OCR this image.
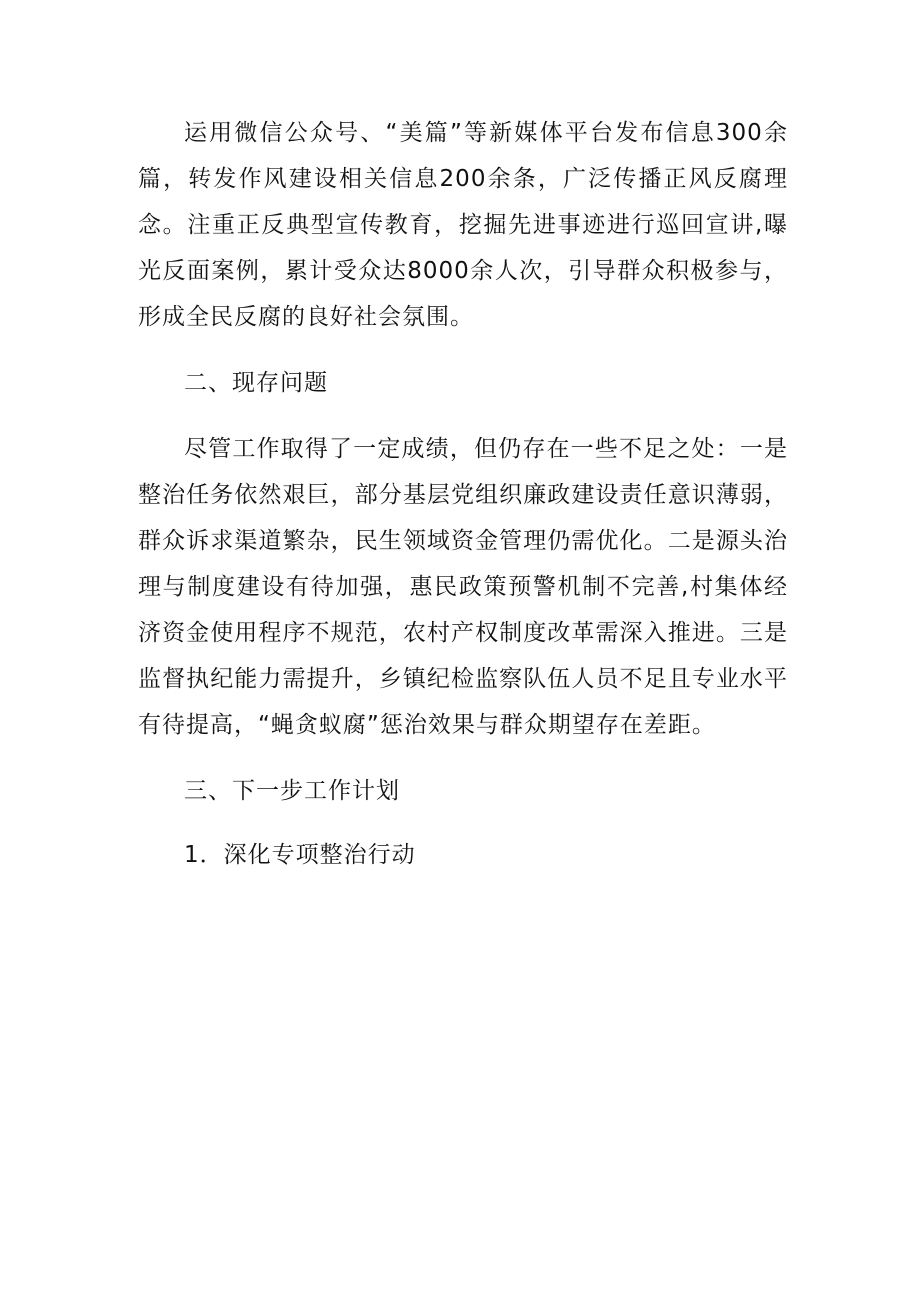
运用微信公众号、“美篇”等新媒体平台发布信息300余篇，转发作风建设相关信息200余条，广泛传播正风反腐理念。注重正反典型宣传教育，挖掘先进事迹进行巡回宣讲,曝光反面案例，累计受众达8000余人次，引导群众积极参与，形成全民反腐的良好社会氛围。

二、现存问题

尽管工作取得了一定成绩，但仍存在一些不足之处：一是整治任务依然艰巨，部分基层党组织廉政建设责任意识薄弱，群众诉求渠道繁杂，民生领域资金管理仍需优化。二是源头治理与制度建设有待加强，惠民政策预警机制不完善,村集体经济资金使用程序不规范，农村产权制度改革需深入推进。三是监督执纪能力需提升，乡镇纪检监察队伍人员不足且专业水平有待提高，“蝇贪蚁腐”惩治效果与群众期望存在差距。

三、下一步工作计划

1．深化专项整治行动
